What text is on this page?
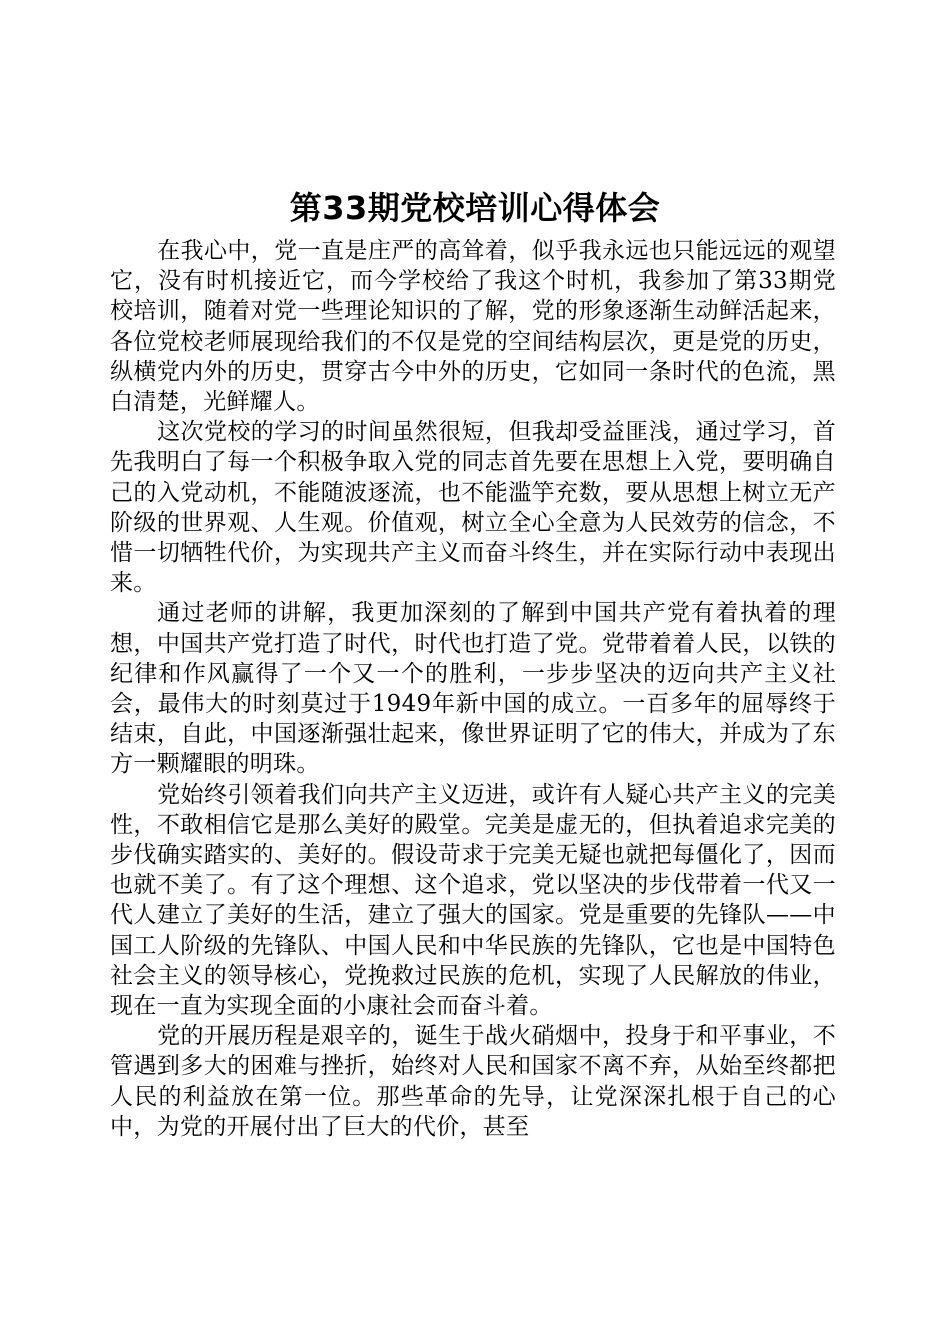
第33期党校培训心得体会

在我心中，党一直是庄严的高耸着，似乎我永远也只能远远的观望它，没有时机接近它，而今学校给了我这个时机，我参加了第33期党校培训，随着对党一些理论知识的了解，党的形象逐渐生动鲜活起来，各位党校老师展现给我们的不仅是党的空间结构层次，更是党的历史，纵横党内外的历史，贯穿古今中外的历史，它如同一条时代的色流，黑白清楚，光鲜耀人。

这次党校的学习的时间虽然很短，但我却受益匪浅，通过学习，首先我明白了每一个积极争取入党的同志首先要在思想上入党，要明确自己的入党动机，不能随波逐流，也不能滥竽充数，要从思想上树立无产阶级的世界观、人生观。价值观，树立全心全意为人民效劳的信念，不惜一切牺牲代价，为实现共产主义而奋斗终生，并在实际行动中表现出来。

通过老师的讲解，我更加深刻的了解到中国共产党有着执着的理想，中国共产党打造了时代，时代也打造了党。党带着着人民，以铁的纪律和作风赢得了一个又一个的胜利，一步步坚决的迈向共产主义社会，最伟大的时刻莫过于1949年新中国的成立。一百多年的屈辱终于结束，自此，中国逐渐强壮起来，像世界证明了它的伟大，并成为了东方一颗耀眼的明珠。

党始终引领着我们向共产主义迈进，或许有人疑心共产主义的完美性，不敢相信它是那么美好的殿堂。完美是虚无的，但执着追求完美的步伐确实踏实的、美好的。假设苛求于完美无疑也就把每僵化了，因而也就不美了。有了这个理想、这个追求，党以坚决的步伐带着一代又一代人建立了美好的生活，建立了强大的国家。党是重要的先锋队——中国工人阶级的先锋队、中国人民和中华民族的先锋队，它也是中国特色社会主义的领导核心，党挽救过民族的危机，实现了人民解放的伟业，现在一直为实现全面的小康社会而奋斗着。

党的开展历程是艰辛的，诞生于战火硝烟中，投身于和平事业，不管遇到多大的困难与挫折，始终对人民和国家不离不弃，从始至终都把人民的利益放在第一位。那些革命的先导，让党深深扎根于自己的心中，为党的开展付出了巨大的代价，甚至
